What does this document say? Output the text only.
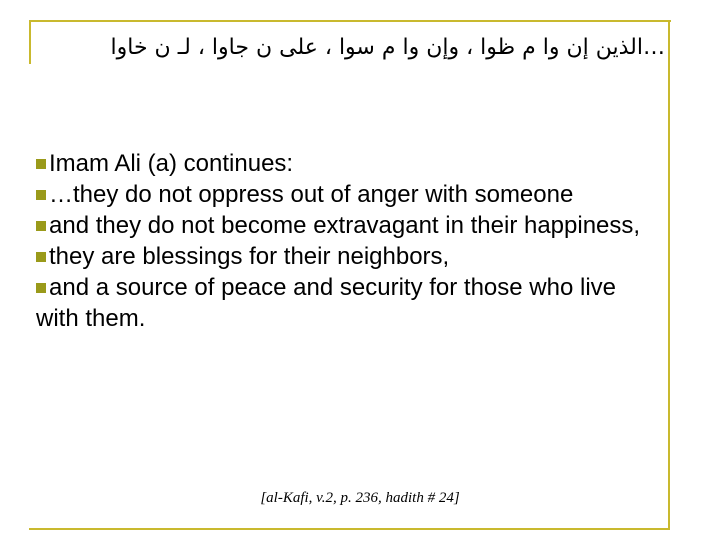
…الذين إن وا م ظوا ، وإن وا م سوا ، على ن جاوا ، لـ ن خاوا

Imam Ali (a) continues:

…they do not oppress out of anger with someone

and they do not become extravagant in their happiness,

they are blessings for their neighbors,

and a source of peace and security for those who live with them.

[al-Kafi, v.2, p. 236, hadith # 24]
